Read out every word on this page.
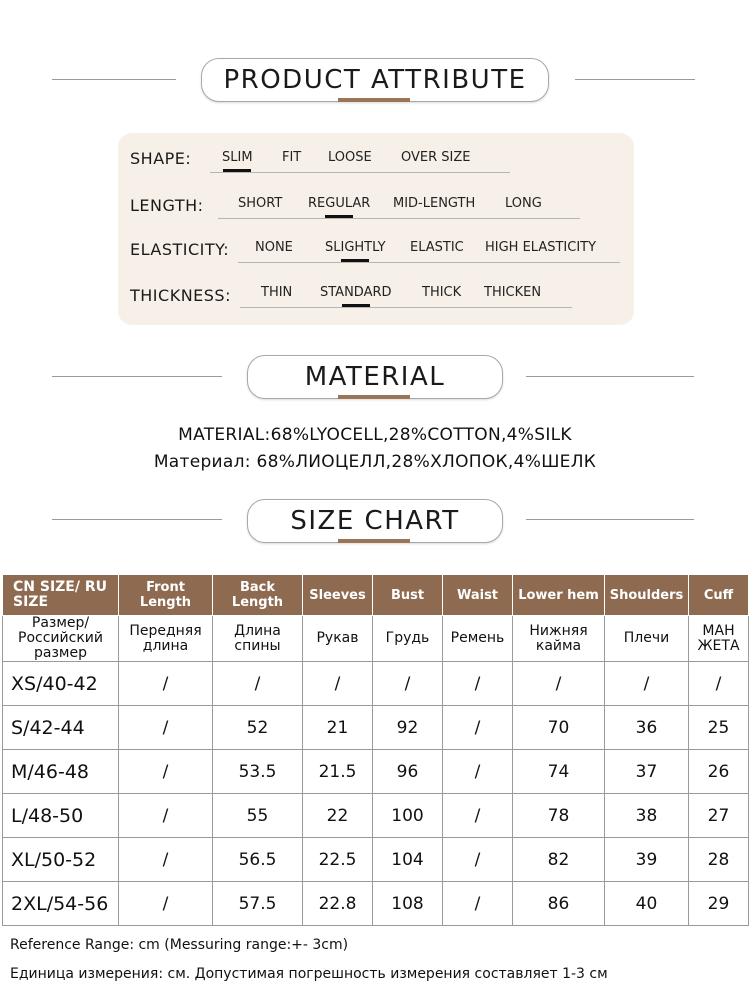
PRODUCT ATTRIBUTE
SHAPE: SLIM FIT LOOSE OVER SIZE
LENGTH:	SHORT REGULAR MID-LENGTH LONG
ELASTICITY: NONE SLIGHTLY ELASTIC HIGH ELASTICITY
THICKNESS: THIN STANDARD THICK THICKEN
MATERIAL
MATERIAL:68%LYOCELL,28%COTTON,4%SILK
Материал: 68%ЛИОЦЕЛЛ,28%ХЛОПОК,4%ШЕЛК
SIZE CHART
CN SIZE/ RU SIZE	Front Length	Back Length	Sleeves	Bust	Waist	Lower hem	Shoulders	Cuff
Размер/ Российский размер	Передняя длина	Длина спины	Рукав	Грудь	Ремень	Нижняя кайма	Плечи	МАН ЖЕТА
XS/40-42	/	/	/	/	/	/	/	/
S/42-44	/	52	21	92	/	70	36	25
M/46-48	/	53.5	21.5	96	/	74	37	26
L/48-50	/	55	22	100	/	78	38	27
XL/50-52	/	56.5	22.5	104	/	82	39	28
2XL/54-56	/	57.5	22.8	108	/	86	40	29
Reference Range: cm (Messuring range:+- 3cm)
Единица измерения: см. Допустимая погрешность измерения составляет 1-3 см
